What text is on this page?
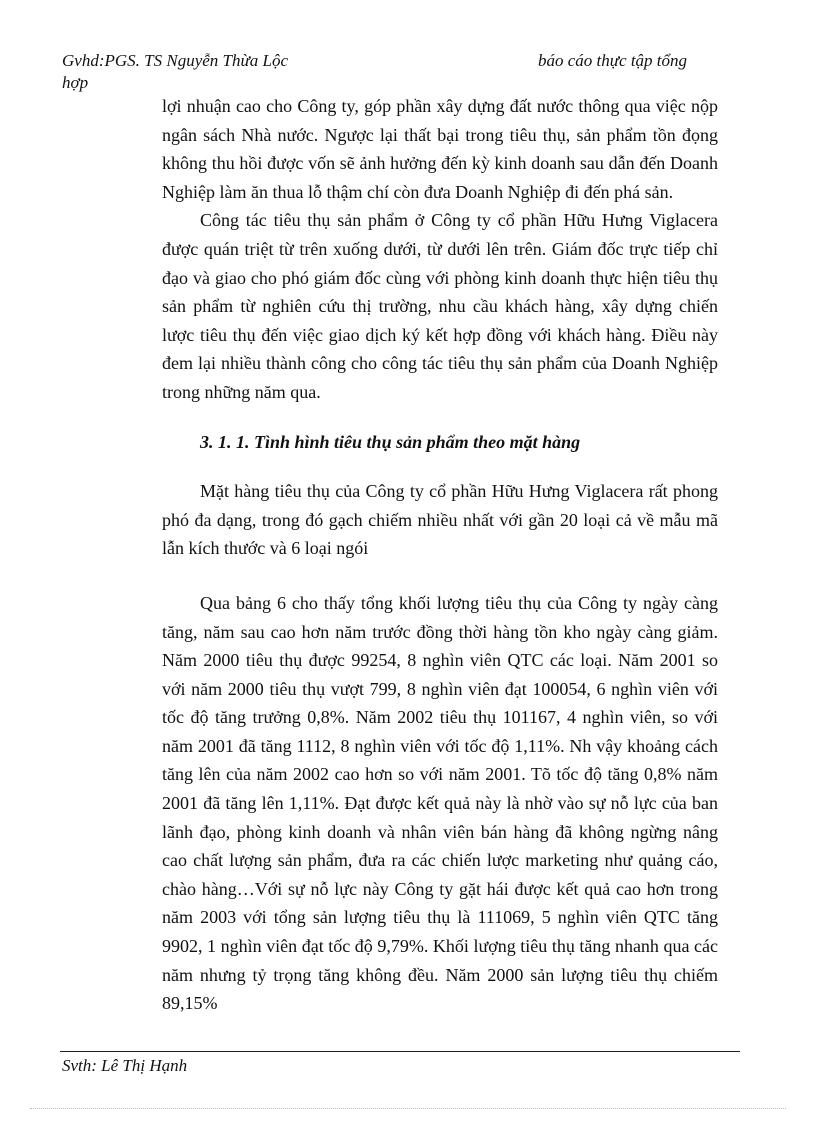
Gvhd:PGS. TS Nguyễn Thừa Lộc	báo cáo thực tập tổng
hợp

lợi nhuận cao cho Công ty, góp phần xây dựng đất nước thông qua việc nộp ngân sách Nhà nước. Ngược lại thất bại trong tiêu thụ, sản phẩm tồn đọng không thu hồi được vốn sẽ ảnh hưởng đến kỳ kinh doanh sau dẫn đến Doanh Nghiệp làm ăn thua lỗ thậm chí còn đưa Doanh Nghiệp đi đến phá sản.

Công tác tiêu thụ sản phẩm ở Công ty cổ phần Hữu Hưng Viglacera được quán triệt từ trên xuống dưới, từ dưới lên trên. Giám đốc trực tiếp chỉ đạo và giao cho phó giám đốc cùng với phòng kinh doanh thực hiện tiêu thụ sản phẩm từ nghiên cứu thị trường, nhu cầu khách hàng, xây dựng chiến lược tiêu thụ đến việc giao dịch ký kết hợp đồng với khách hàng. Điều này đem lại nhiều thành công cho công tác tiêu thụ sản phẩm của Doanh Nghiệp trong những năm qua.

3. 1. 1. Tình hình tiêu thụ sản phẩm theo mặt hàng

Mặt hàng tiêu thụ của Công ty cổ phần Hữu Hưng Viglacera rất phong phó đa dạng, trong đó gạch chiếm nhiều nhất với gần 20 loại cả về mẫu mã lẫn kích thước và 6 loại ngói

Qua bảng 6 cho thấy tổng khối lượng tiêu thụ của Công ty ngày càng tăng, năm sau cao hơn năm trước đồng thời hàng tồn kho ngày càng giảm. Năm 2000 tiêu thụ được 99254, 8 nghìn viên QTC các loại. Năm 2001 so với năm 2000 tiêu thụ vượt 799, 8 nghìn viên đạt 100054, 6 nghìn viên với tốc độ tăng trưởng 0,8%. Năm 2002 tiêu thụ 101167, 4 nghìn viên, so với năm 2001 đã tăng 1112, 8 nghìn viên với tốc độ 1,11%. Nh vậy khoảng cách tăng lên của năm 2002 cao hơn so với năm 2001. Tõ tốc độ tăng 0,8% năm 2001 đã tăng lên 1,11%. Đạt được kết quả này là nhờ vào sự nỗ lực của ban lãnh đạo, phòng kinh doanh và nhân viên bán hàng đã không ngừng nâng cao chất lượng sản phẩm, đưa ra các chiến lược marketing như quảng cáo, chào hàng…Với sự nỗ lực này Công ty gặt hái được kết quả cao hơn trong năm 2003 với tổng sản lượng tiêu thụ là 111069, 5 nghìn viên QTC tăng 9902, 1 nghìn viên đạt tốc độ 9,79%. Khối lượng tiêu thụ tăng nhanh qua các năm nhưng tỷ trọng tăng không đều. Năm 2000 sản lượng tiêu thụ chiếm 89,15%

Svth: Lê Thị Hạnh
